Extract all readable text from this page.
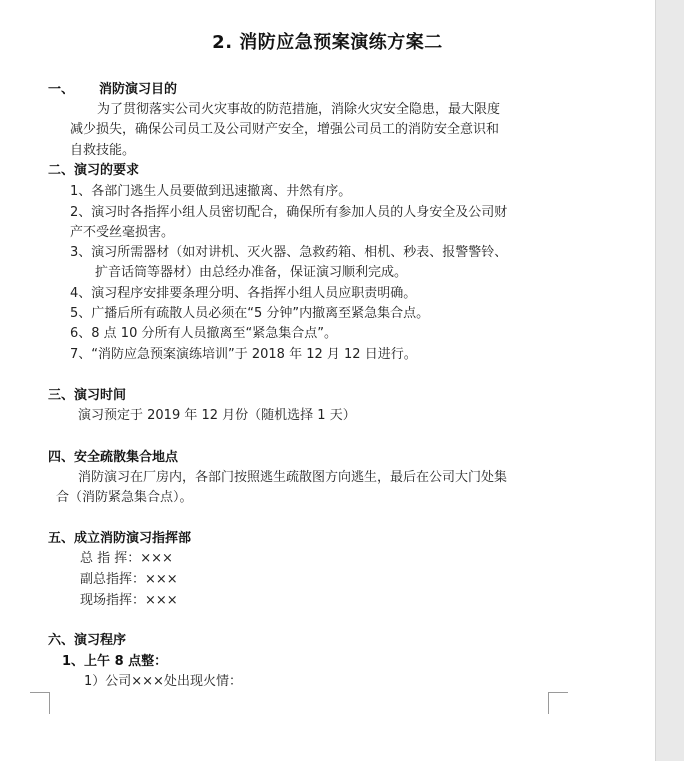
2. 消防应急预案演练方案二
一、 消防演习目的
为了贯彻落实公司火灾事故的防范措施，消除火灾安全隐患，最大限度
减少损失，确保公司员工及公司财产安全，增强公司员工的消防安全意识和
自救技能。
二、演习的要求
1、各部门逃生人员要做到迅速撤离、井然有序。
2、演习时各指挥小组人员密切配合，确保所有参加人员的人身安全及公司财
产不受丝毫损害。
3、演习所需器材（如对讲机、灭火器、急救药箱、相机、秒表、报警警铃、
扩音话筒等器材）由总经办准备，保证演习顺利完成。
4、演习程序安排要条理分明、各指挥小组人员应职责明确。
5、广播后所有疏散人员必须在“5 分钟”内撤离至紧急集合点。
6、8 点 10 分所有人员撤离至“紧急集合点”。
7、“消防应急预案演练培训”于 2018 年 12 月 12 日进行。
三、演习时间
演习预定于 2019 年 12 月份（随机选择 1 天）
四、安全疏散集合地点
消防演习在厂房内，各部门按照逃生疏散图方向逃生，最后在公司大门处集
合（消防紧急集合点）。
五、成立消防演习指挥部
总 指 挥：×××
副总指挥：×××
现场指挥：×××
六、演习程序
1、上午 8 点整：
1）公司×××处出现火情：
